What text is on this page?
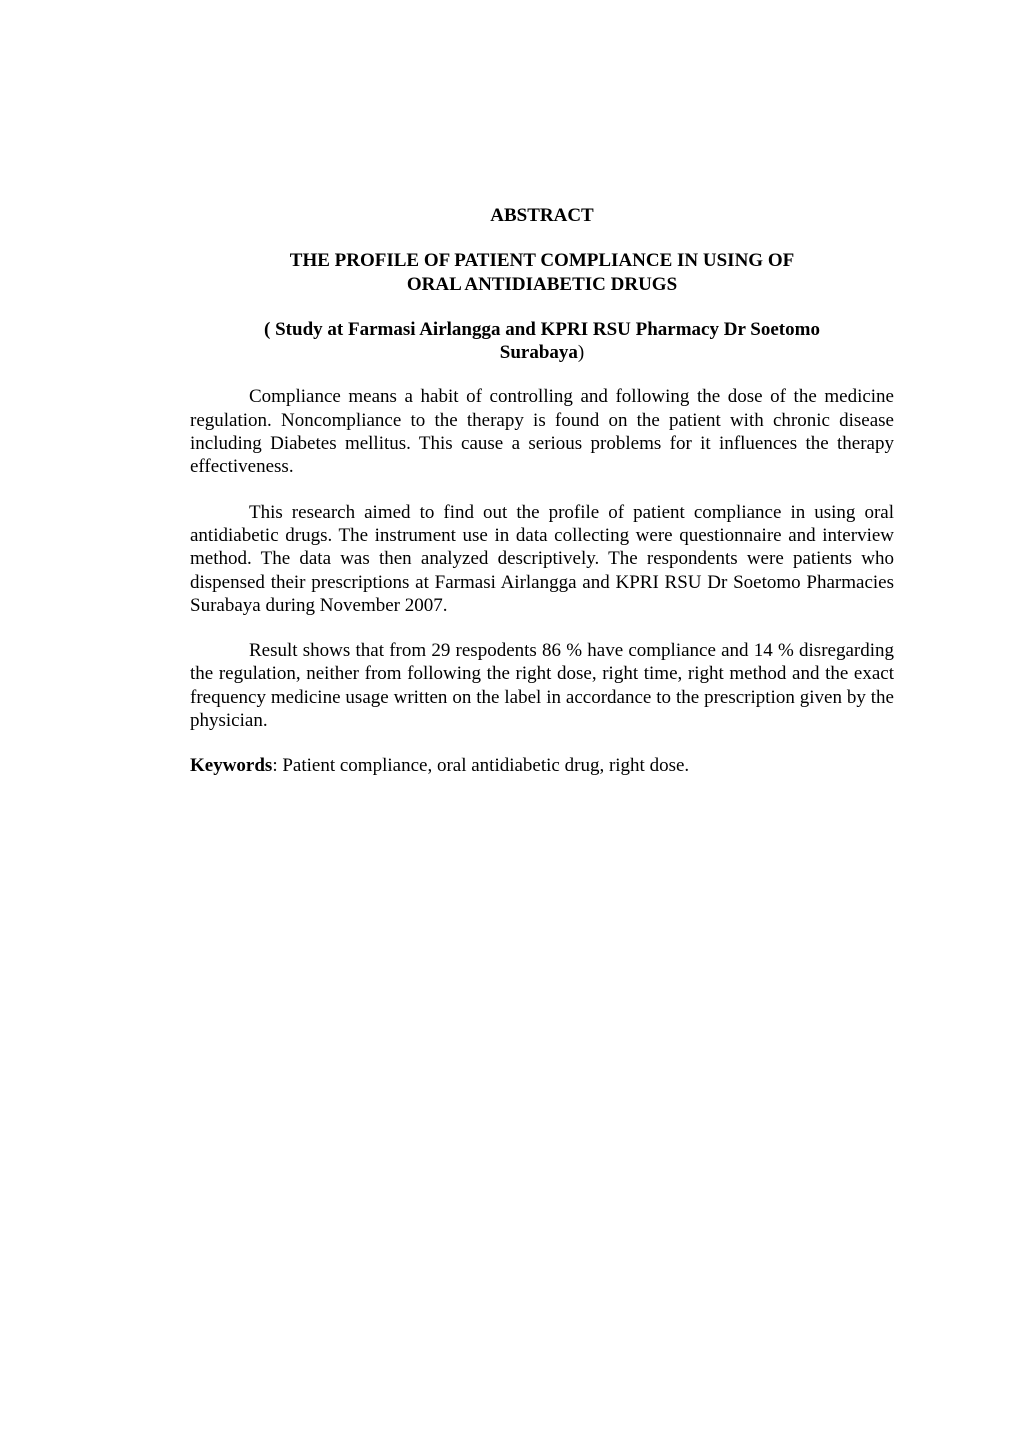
ABSTRACT

THE PROFILE OF PATIENT COMPLIANCE IN USING OF
ORAL ANTIDIABETIC DRUGS

( Study at Farmasi Airlangga and KPRI RSU Pharmacy Dr Soetomo
Surabaya)

Compliance means a habit of controlling and following the dose of the medicine regulation. Noncompliance to the therapy is found on the patient with chronic disease including Diabetes mellitus. This cause a serious problems for it influences the therapy effectiveness.

This research aimed to find out the profile of patient compliance in using oral antidiabetic drugs. The instrument use in data collecting were questionnaire and interview method. The data was then analyzed descriptively. The respondents were patients who dispensed their prescriptions at Farmasi Airlangga and KPRI RSU Dr Soetomo Pharmacies Surabaya during November 2007.

Result shows that from 29 respodents 86 % have compliance and 14 % disregarding the regulation, neither from following the right dose, right time, right method and the exact frequency medicine usage written on the label in accordance to the prescription given by the physician.

Keywords: Patient compliance, oral antidiabetic drug, right dose.
